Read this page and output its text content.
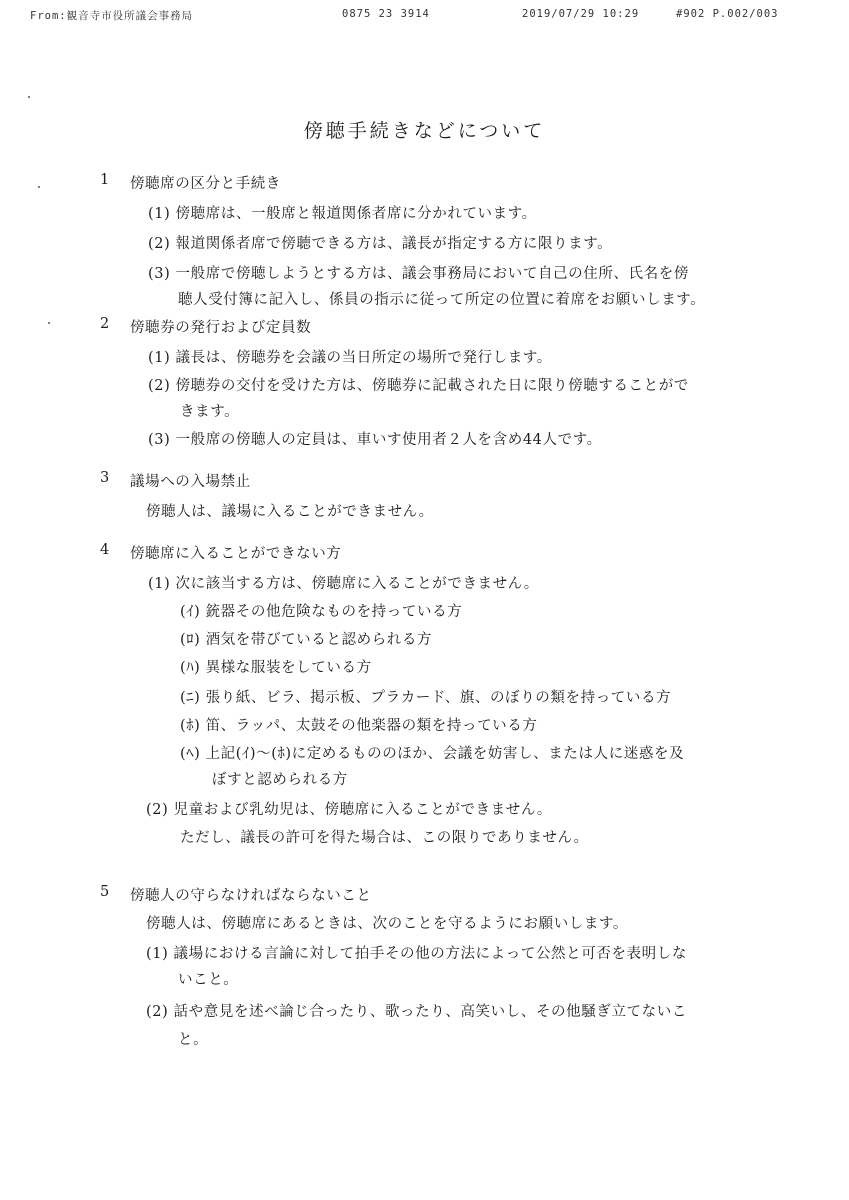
From:観音寺市役所議会事務局	0875 23 3914	2019/07/29 10:29	#902 P.002/003
傍聴手続きなどについて
1 傍聴席の区分と手続き
(1) 傍聴席は、一般席と報道関係者席に分かれています。
(2) 報道関係者席で傍聴できる方は、議長が指定する方に限ります。
(3) 一般席で傍聴しようとする方は、議会事務局において自己の住所、氏名を傍
聴人受付簿に記入し、係員の指示に従って所定の位置に着席をお願いします。
2 傍聴券の発行および定員数
(1) 議長は、傍聴券を会議の当日所定の場所で発行します。
(2) 傍聴券の交付を受けた方は、傍聴券に記載された日に限り傍聴することがで
きます。
(3) 一般席の傍聴人の定員は、車いす使用者２人を含め44人です。
3 議場への入場禁止
傍聴人は、議場に入ることができません。
4 傍聴席に入ることができない方
(1) 次に該当する方は、傍聴席に入ることができません。
(ｲ) 銃器その他危険なものを持っている方
(ﾛ) 酒気を帯びていると認められる方
(ﾊ) 異様な服装をしている方
(ﾆ) 張り紙、ビラ、掲示板、プラカード、旗、のぼりの類を持っている方
(ﾎ) 笛、ラッパ、太鼓その他楽器の類を持っている方
(ﾍ) 上記(ｲ)～(ﾎ)に定めるもののほか、会議を妨害し、または人に迷惑を及
ぼすと認められる方
(2) 児童および乳幼児は、傍聴席に入ることができません。
ただし、議長の許可を得た場合は、この限りでありません。
5 傍聴人の守らなければならないこと
傍聴人は、傍聴席にあるときは、次のことを守るようにお願いします。
(1) 議場における言論に対して拍手その他の方法によって公然と可否を表明しな
いこと。
(2) 話や意見を述べ論じ合ったり、歌ったり、高笑いし、その他騒ぎ立てないこ
と。
